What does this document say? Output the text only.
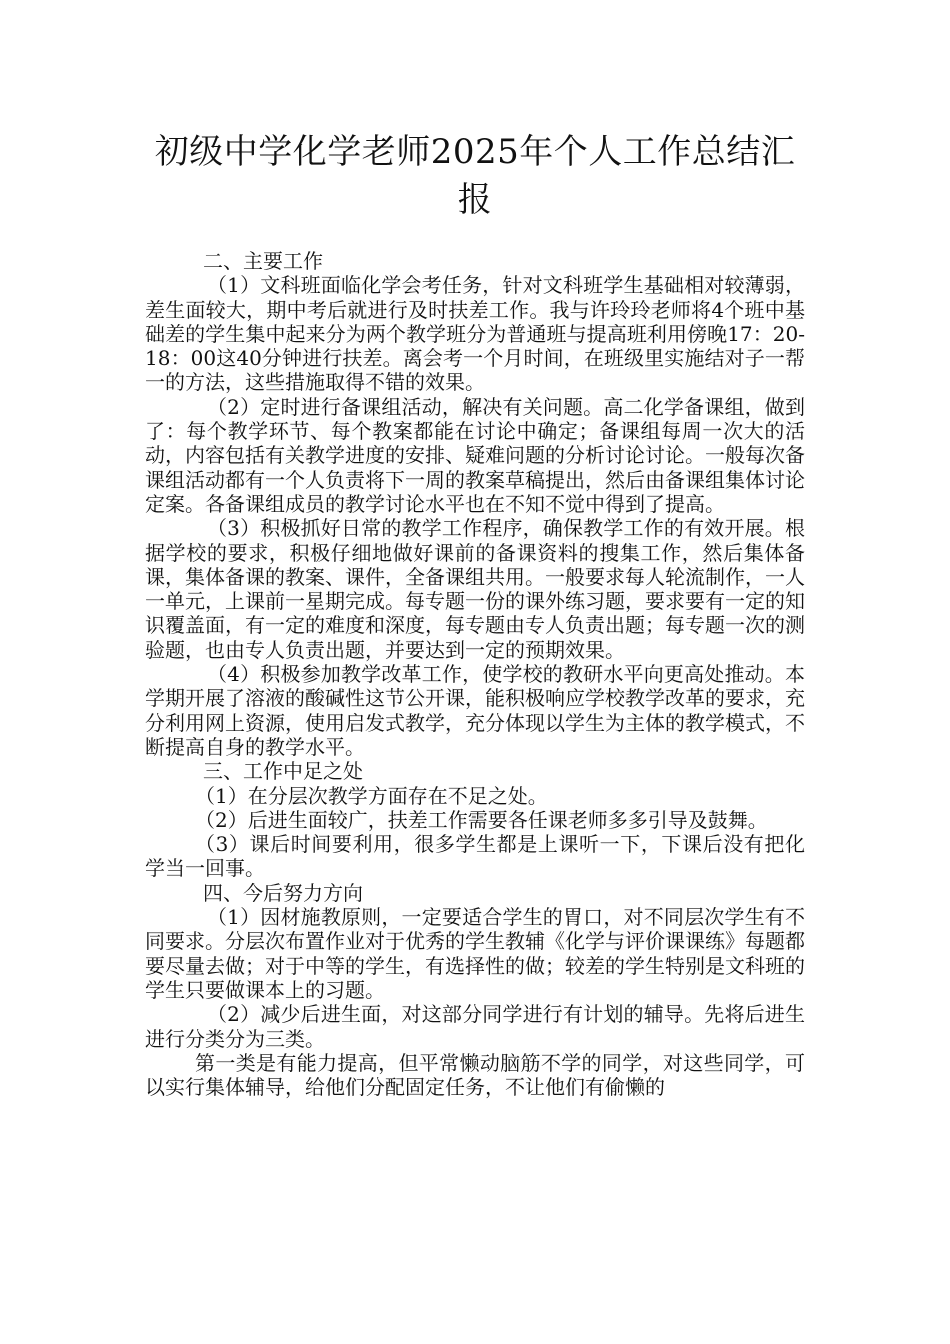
初级中学化学老师2025年个人工作总结汇报

二、主要工作

（1）文科班面临化学会考任务，针对文科班学生基础相对较薄弱，差生面较大，期中考后就进行及时扶差工作。我与许玲玲老师将4个班中基础差的学生集中起来分为两个教学班分为普通班与提高班利用傍晚17：20-18：00这40分钟进行扶差。离会考一个月时间，在班级里实施结对子一帮一的方法，这些措施取得不错的效果。

（2）定时进行备课组活动，解决有关问题。高二化学备课组，做到了：每个教学环节、每个教案都能在讨论中确定；备课组每周一次大的活动，内容包括有关教学进度的安排、疑难问题的分析讨论讨论。一般每次备课组活动都有一个人负责将下一周的教案草稿提出，然后由备课组集体讨论定案。各备课组成员的教学讨论水平也在不知不觉中得到了提高。

（3）积极抓好日常的教学工作程序，确保教学工作的有效开展。根据学校的要求，积极仔细地做好课前的备课资料的搜集工作，然后集体备课，集体备课的教案、课件，全备课组共用。一般要求每人轮流制作，一人一单元，上课前一星期完成。每专题一份的课外练习题，要求要有一定的知识覆盖面，有一定的难度和深度，每专题由专人负责出题；每专题一次的测验题，也由专人负责出题，并要达到一定的预期效果。

（4）积极参加教学改革工作，使学校的教研水平向更高处推动。本学期开展了溶液的酸碱性这节公开课，能积极响应学校教学改革的要求，充分利用网上资源，使用启发式教学，充分体现以学生为主体的教学模式，不断提高自身的教学水平。

三、工作中足之处

（1）在分层次教学方面存在不足之处。

（2）后进生面较广，扶差工作需要各任课老师多多引导及鼓舞。

（3）课后时间要利用，很多学生都是上课听一下，下课后没有把化学当一回事。

四、今后努力方向

（1）因材施教原则，一定要适合学生的胃口，对不同层次学生有不同要求。分层次布置作业对于优秀的学生教辅《化学与评价课课练》每题都要尽量去做；对于中等的学生，有选择性的做；较差的学生特别是文科班的学生只要做课本上的习题。

（2）减少后进生面，对这部分同学进行有计划的辅导。先将后进生进行分类分为三类。

第一类是有能力提高，但平常懒动脑筋不学的同学，对这些同学，可以实行集体辅导，给他们分配固定任务，不让他们有偷懒的
